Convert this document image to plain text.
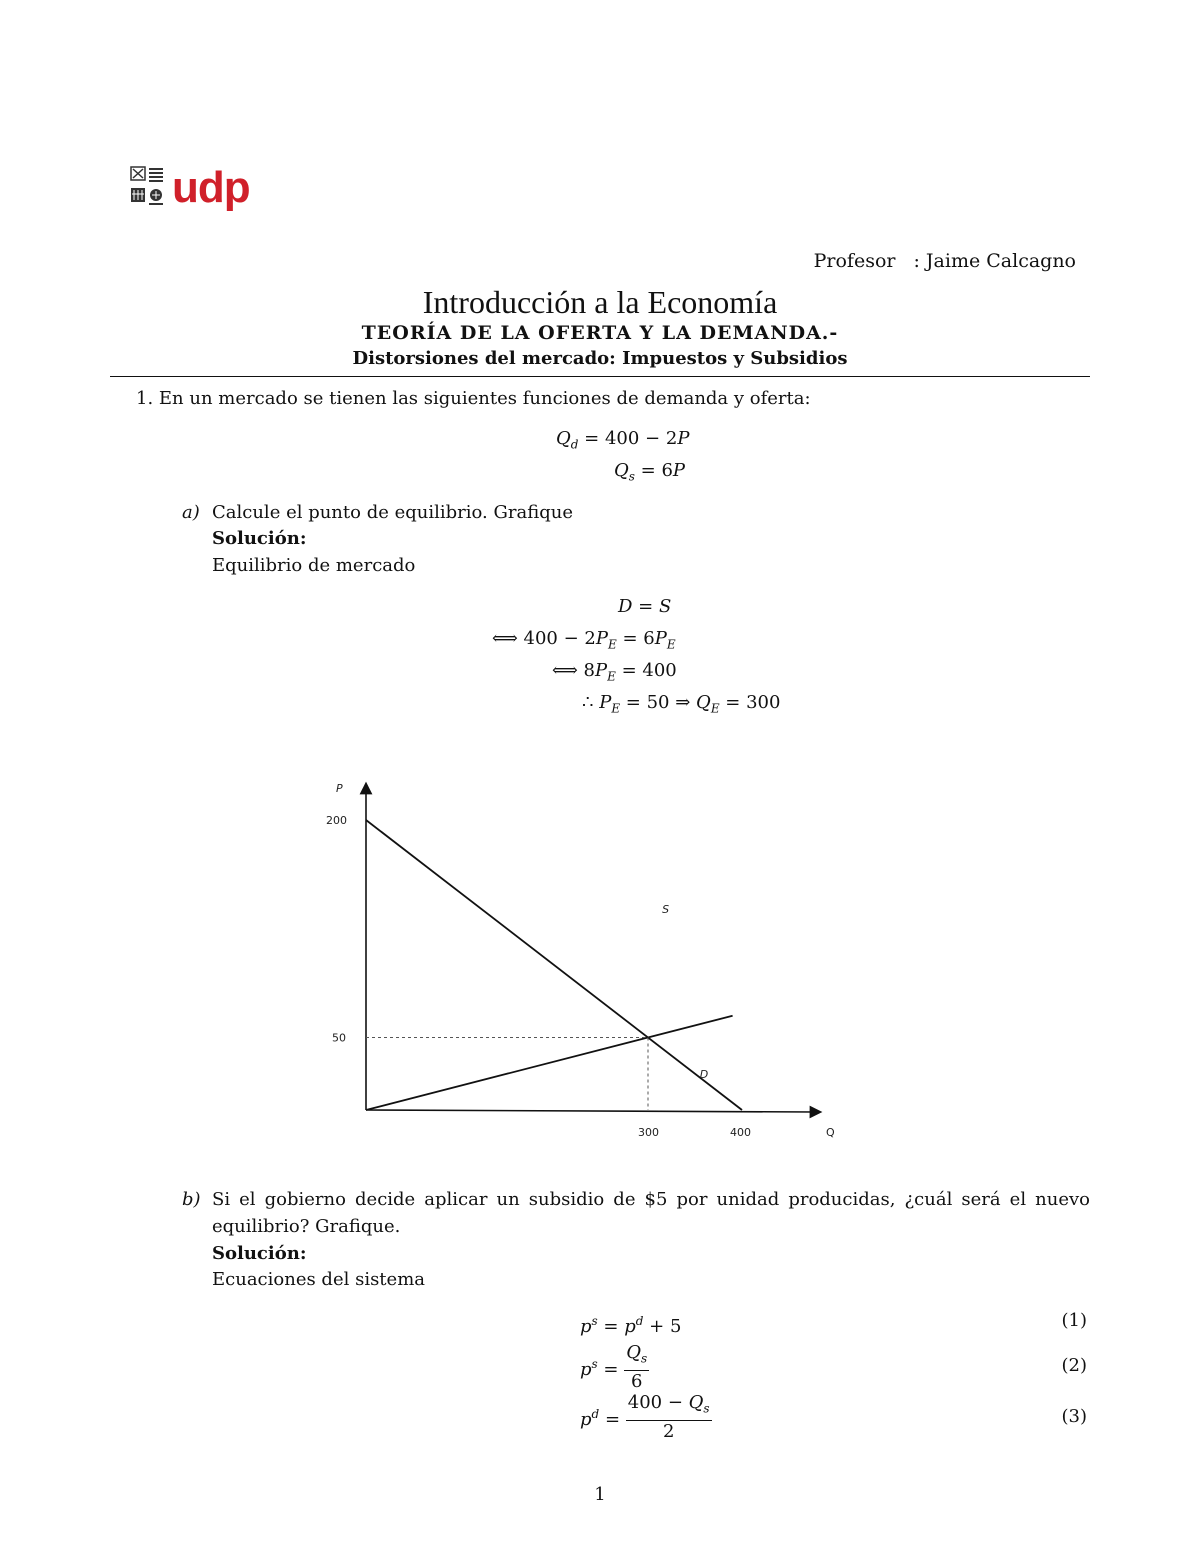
udp
Profesor : Jaime Calcagno
Introducción a la Economía
TEORÍA DE LA OFERTA Y LA DEMANDA.-
Distorsiones del mercado: Impuestos y Subsidios
1. En un mercado se tienen las siguientes funciones de demanda y oferta:
$Q_d = 400 - 2P$
$Q_s = 6P$
a) Calcule el punto de equilibrio. Grafique
Solución:
Equilibrio de mercado
D = S
⟺ $400 - 2P_E = 6P_E$
⟺ $8P_E = 400$
∴ $P_E = 50$ ⇒ $Q_E = 300$
P
Q
200
50
300	400
D
S
b) Si el gobierno decide aplicar un subsidio de $5 por unidad producidas, ¿cuál será el nuevo
equilibrio? Grafique.
Solución:
Ecuaciones del sistema
$p^s = p^d + 5$	(1)
$p^s = \frac{Q_s}{6}$	(2)
$p^d = \frac{400 - Q_s}{2}$	(3)
1
